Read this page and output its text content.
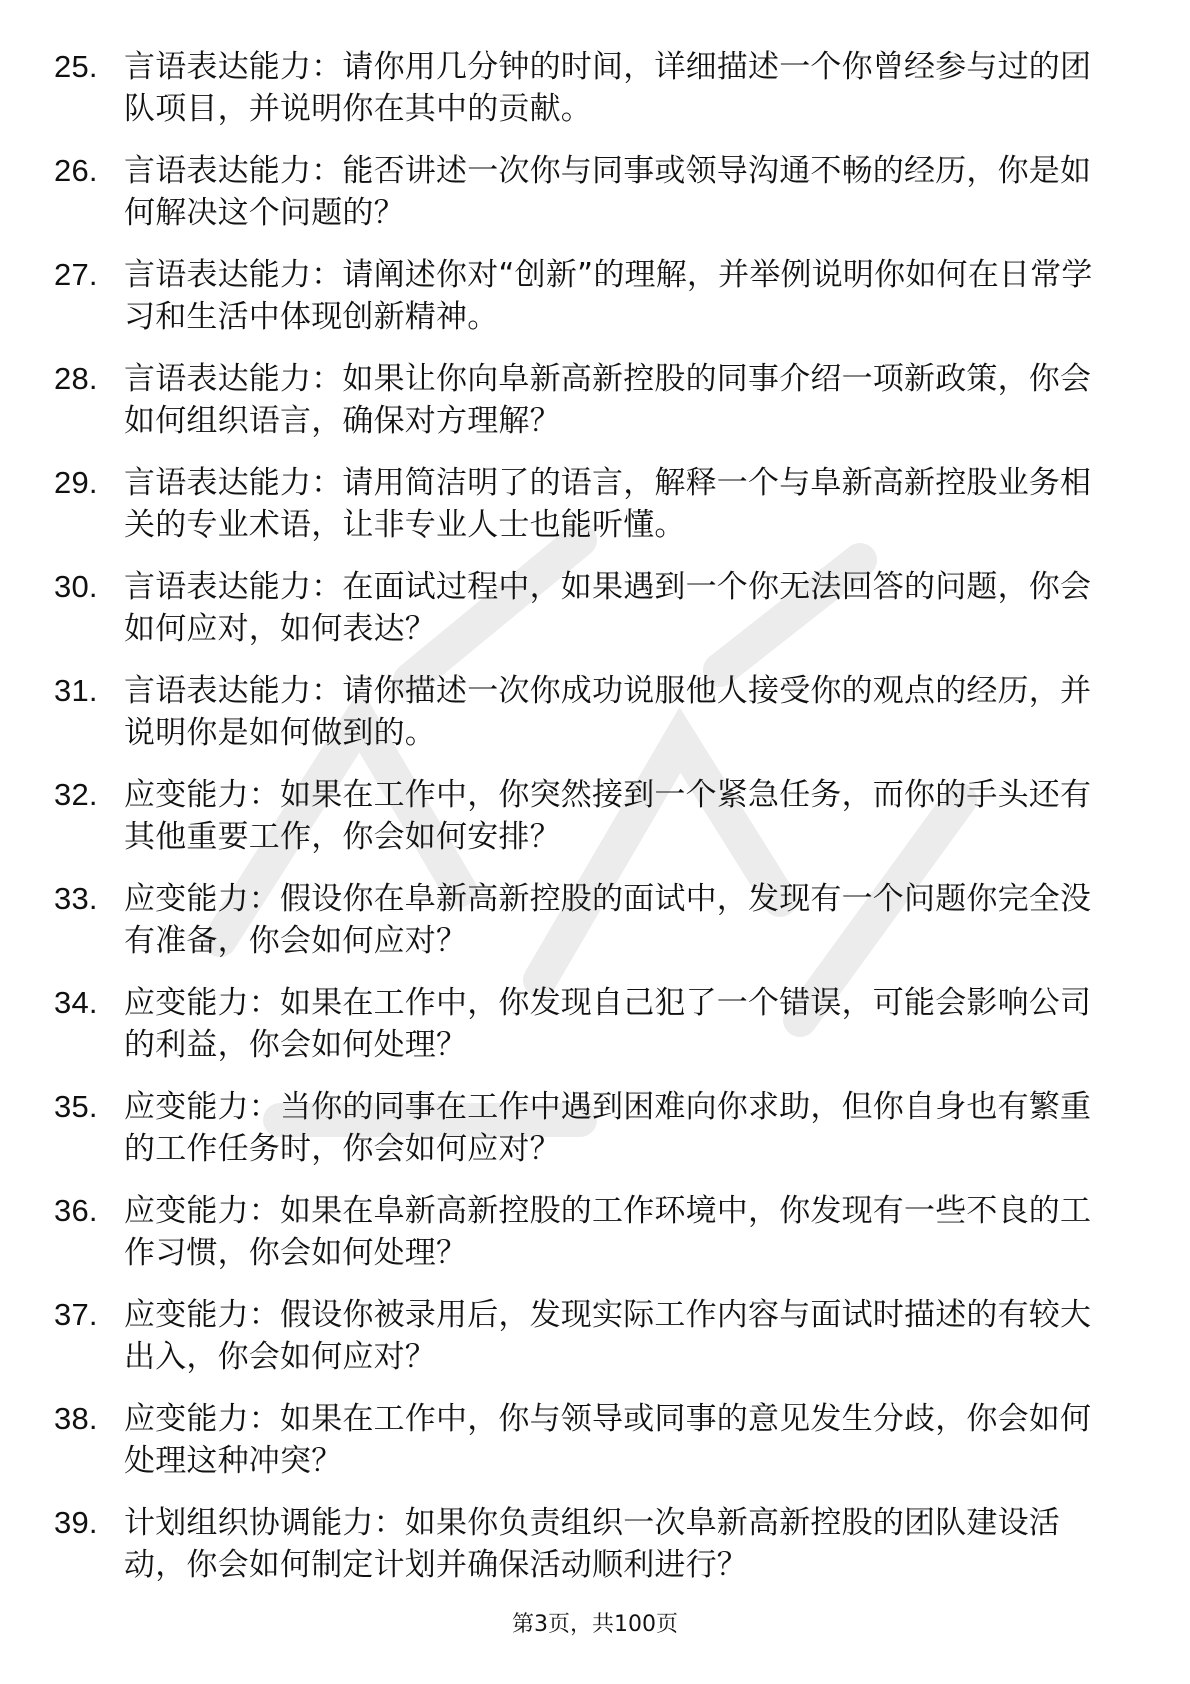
25. 言语表达能力：请你用几分钟的时间，详细描述一个你曾经参与过的团队项目，并说明你在其中的贡献。
26. 言语表达能力：能否讲述一次你与同事或领导沟通不畅的经历，你是如何解决这个问题的？
27. 言语表达能力：请阐述你对“创新”的理解，并举例说明你如何在日常学习和生活中体现创新精神。
28. 言语表达能力：如果让你向阜新高新控股的同事介绍一项新政策，你会如何组织语言，确保对方理解？
29. 言语表达能力：请用简洁明了的语言，解释一个与阜新高新控股业务相关的专业术语，让非专业人士也能听懂。
30. 言语表达能力：在面试过程中，如果遇到一个你无法回答的问题，你会如何应对，如何表达？
31. 言语表达能力：请你描述一次你成功说服他人接受你的观点的经历，并说明你是如何做到的。
32. 应变能力：如果在工作中，你突然接到一个紧急任务，而你的手头还有其他重要工作，你会如何安排？
33. 应变能力：假设你在阜新高新控股的面试中，发现有一个问题你完全没有准备，你会如何应对？
34. 应变能力：如果在工作中，你发现自己犯了一个错误，可能会影响公司的利益，你会如何处理？
35. 应变能力：当你的同事在工作中遇到困难向你求助，但你自身也有繁重的工作任务时，你会如何应对？
36. 应变能力：如果在阜新高新控股的工作环境中，你发现有一些不良的工作习惯，你会如何处理？
37. 应变能力：假设你被录用后，发现实际工作内容与面试时描述的有较大出入，你会如何应对？
38. 应变能力：如果在工作中，你与领导或同事的意见发生分歧，你会如何处理这种冲突？
39. 计划组织协调能力：如果你负责组织一次阜新高新控股的团队建设活动，你会如何制定计划并确保活动顺利进行？
第3页，共100页
